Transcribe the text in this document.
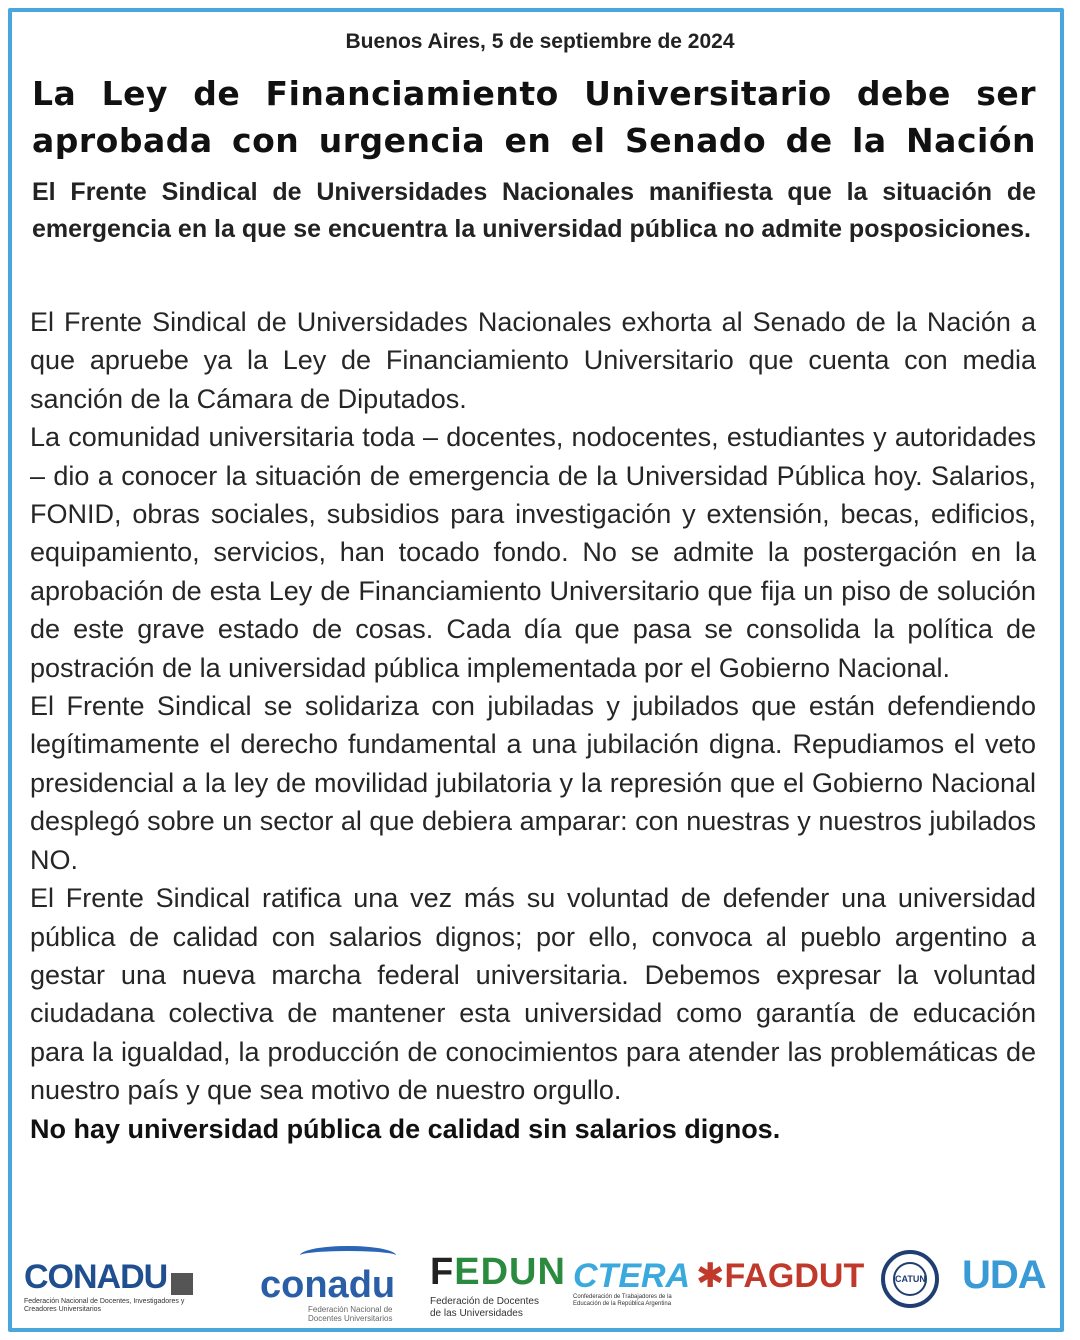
Buenos Aires, 5 de septiembre de 2024
La Ley de Financiamiento Universitario debe ser
aprobada con urgencia en el Senado de la Nación
El Frente Sindical de Universidades Nacionales manifiesta que la situación de emergencia en la que se encuentra la universidad pública no admite posposiciones.

El Frente Sindical de Universidades Nacionales exhorta al Senado de la Nación a que apruebe ya la Ley de Financiamiento Universitario que cuenta con media sanción de la Cámara de Diputados.

La comunidad universitaria toda – docentes, nodocentes, estudiantes y autoridades – dio a conocer la situación de emergencia de la Universidad Pública hoy. Salarios, FONID, obras sociales, subsidios para investigación y extensión, becas, edificios, equipamiento, servicios, han tocado fondo. No se admite la postergación en la aprobación de esta Ley de Financiamiento Universitario que fija un piso de solución de este grave estado de cosas. Cada día que pasa se consolida la política de postración de la universidad pública implementada por el Gobierno Nacional.

El Frente Sindical se solidariza con jubiladas y jubilados que están defendiendo legítimamente el derecho fundamental a una jubilación digna. Repudiamos el veto presidencial a la ley de movilidad jubilatoria y la represión que el Gobierno Nacional desplegó sobre un sector al que debiera amparar: con nuestras y nuestros jubilados NO.

El Frente Sindical ratifica una vez más su voluntad de defender una universidad pública de calidad con salarios dignos; por ello, convoca al pueblo argentino a gestar una nueva marcha federal universitaria. Debemos expresar la voluntad ciudadana colectiva de mantener esta universidad como garantía de educación para la igualdad, la producción de conocimientos para atender las problemáticas de nuestro país y que sea motivo de nuestro orgullo.

No hay universidad pública de calidad sin salarios dignos.

CONADU
Federación Nacional de Docentes, Investigadores y Creadores Universitarios
conadu
Federación Nacional de Docentes Universitarios
FEDUN
Federación de Docentes
de las Universidades
CTERA
Confederación de Trabajadores de la Educación de la República Argentina
✱FAGDUT	CATUN UDA
